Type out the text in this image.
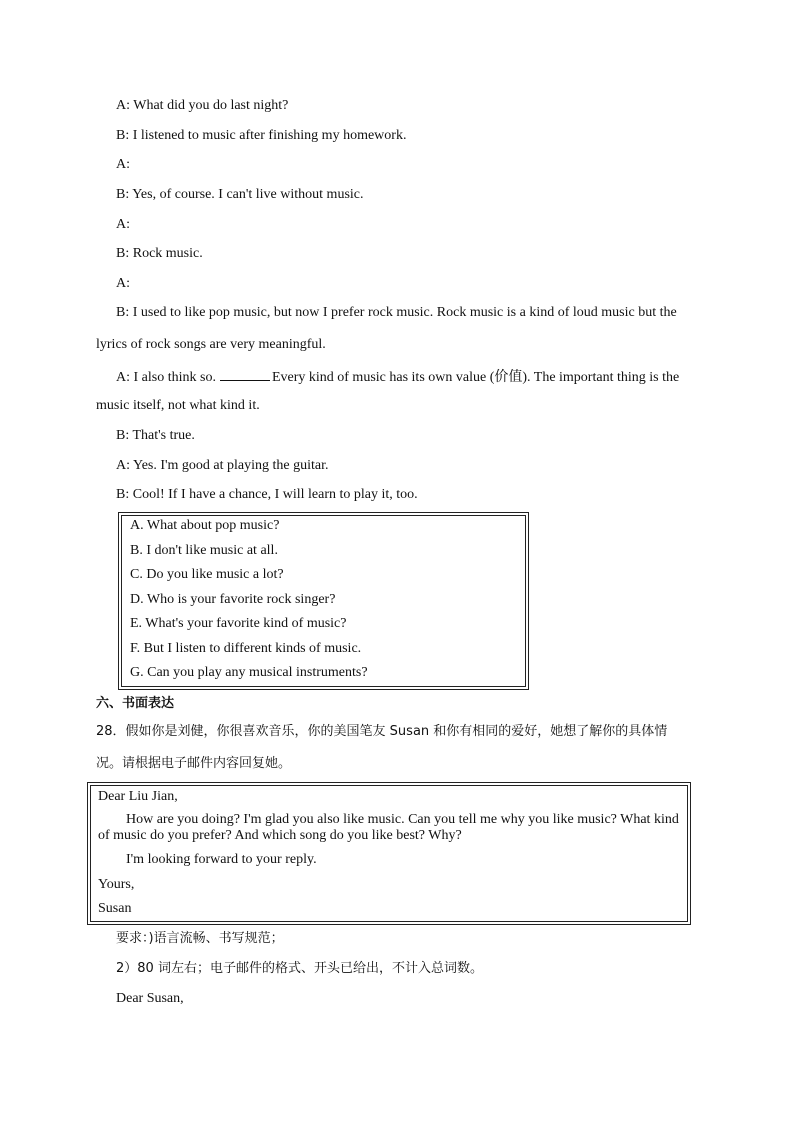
A: What did you do last night?
B: I listened to music after finishing my homework.
A:
B: Yes, of course. I can't live without music.
A:
B: Rock music.
A:
B: I used to like pop music, but now I prefer rock music. Rock music is a kind of loud music but the
lyrics of rock songs are very meaningful.
A: I also think so.	Every kind of music has its own value (价值). The important thing is the
music itself, not what kind it.
B: That's true.
A: Yes. I'm good at playing the guitar.
B: Cool! If I have a chance, I will learn to play it, too.
A. What about pop music?
B. I don't like music at all.
C. Do you like music a lot?
D. Who is your favorite rock singer?
E. What's your favorite kind of music?
F. But I listen to different kinds of music.
G. Can you play any musical instruments?
六、书面表达
28．假如你是刘健，你很喜欢音乐，你的美国笔友 Susan 和你有相同的爱好，她想了解你的具体情
况。请根据电子邮件内容回复她。
Dear Liu Jian,
How are you doing? I'm glad you also like music. Can you tell me why you like music? What kind
of music do you prefer? And which song do you like best? Why?
I'm looking forward to your reply.
Yours,
Susan
要求：)语言流畅、书写规范；
2）80 词左右；电子邮件的格式、开头已给出，不计入总词数。
Dear Susan,
